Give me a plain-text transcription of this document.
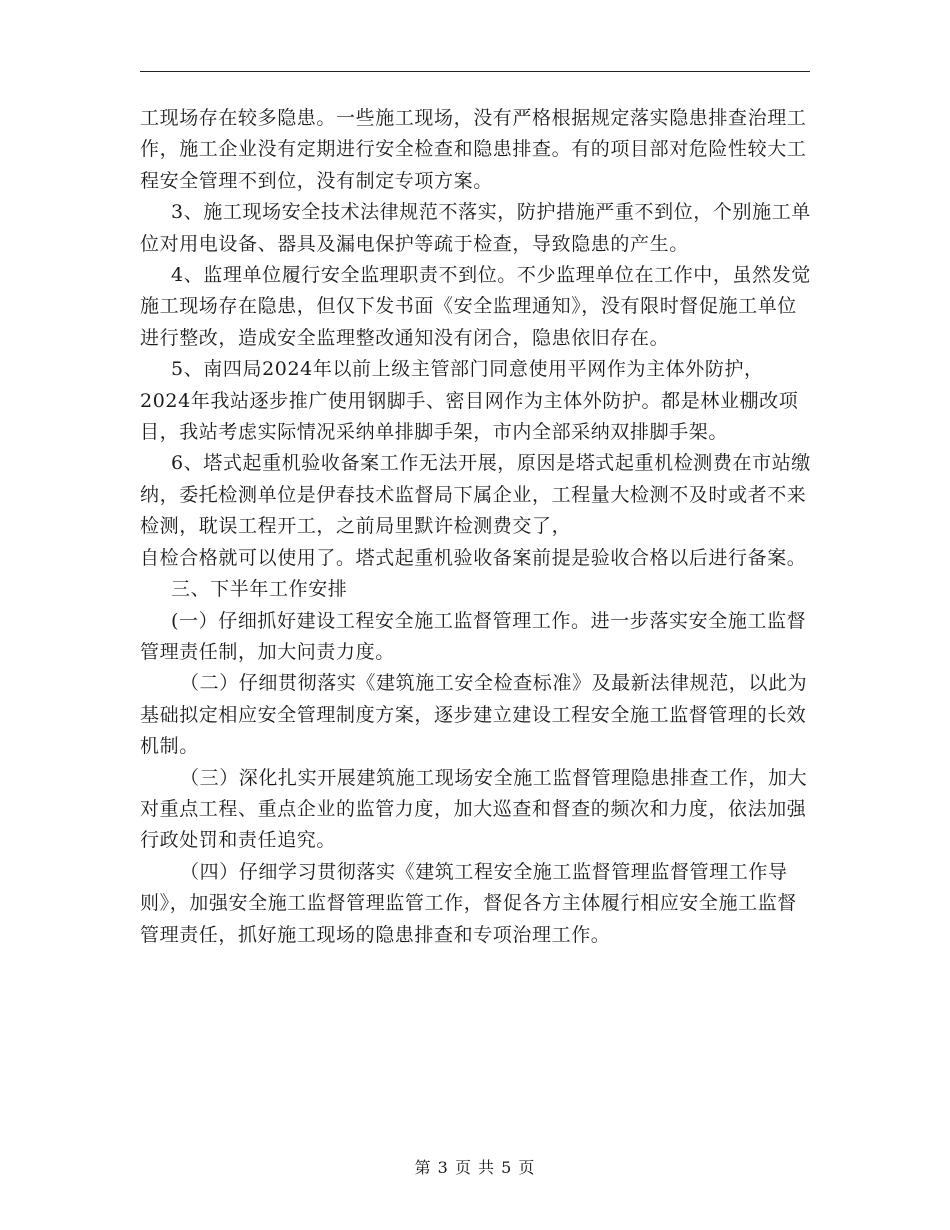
工现场存在较多隐患。一些施工现场，没有严格根据规定落实隐患排查治理工作，施工企业没有定期进行安全检查和隐患排查。有的项目部对危险性较大工程安全管理不到位，没有制定专项方案。

3、施工现场安全技术法律规范不落实，防护措施严重不到位，个别施工单位对用电设备、器具及漏电保护等疏于检查，导致隐患的产生。

4、监理单位履行安全监理职责不到位。不少监理单位在工作中，虽然发觉施工现场存在隐患，但仅下发书面《安全监理通知》，没有限时督促施工单位进行整改，造成安全监理整改通知没有闭合，隐患依旧存在。

5、南四局2024年以前上级主管部门同意使用平网作为主体外防护，2024年我站逐步推广使用钢脚手、密目网作为主体外防护。都是林业棚改项目，我站考虑实际情况采纳单排脚手架，市内全部采纳双排脚手架。

6、塔式起重机验收备案工作无法开展，原因是塔式起重机检测费在市站缴纳，委托检测单位是伊春技术监督局下属企业，工程量大检测不及时或者不来检测，耽误工程开工，之前局里默许检测费交了，

自检合格就可以使用了。塔式起重机验收备案前提是验收合格以后进行备案。

三、下半年工作安排

(一）仔细抓好建设工程安全施工监督管理工作。进一步落实安全施工监督管理责任制，加大问责力度。

（二）仔细贯彻落实《建筑施工安全检查标准》及最新法律规范，以此为基础拟定相应安全管理制度方案，逐步建立建设工程安全施工监督管理的长效机制。

（三）深化扎实开展建筑施工现场安全施工监督管理隐患排查工作，加大对重点工程、重点企业的监管力度，加大巡查和督查的频次和力度，依法加强行政处罚和责任追究。

（四）仔细学习贯彻落实《建筑工程安全施工监督管理监督管理工作导则》，加强安全施工监督管理监管工作，督促各方主体履行相应安全施工监督管理责任，抓好施工现场的隐患排查和专项治理工作。

第 3 页 共 5 页
